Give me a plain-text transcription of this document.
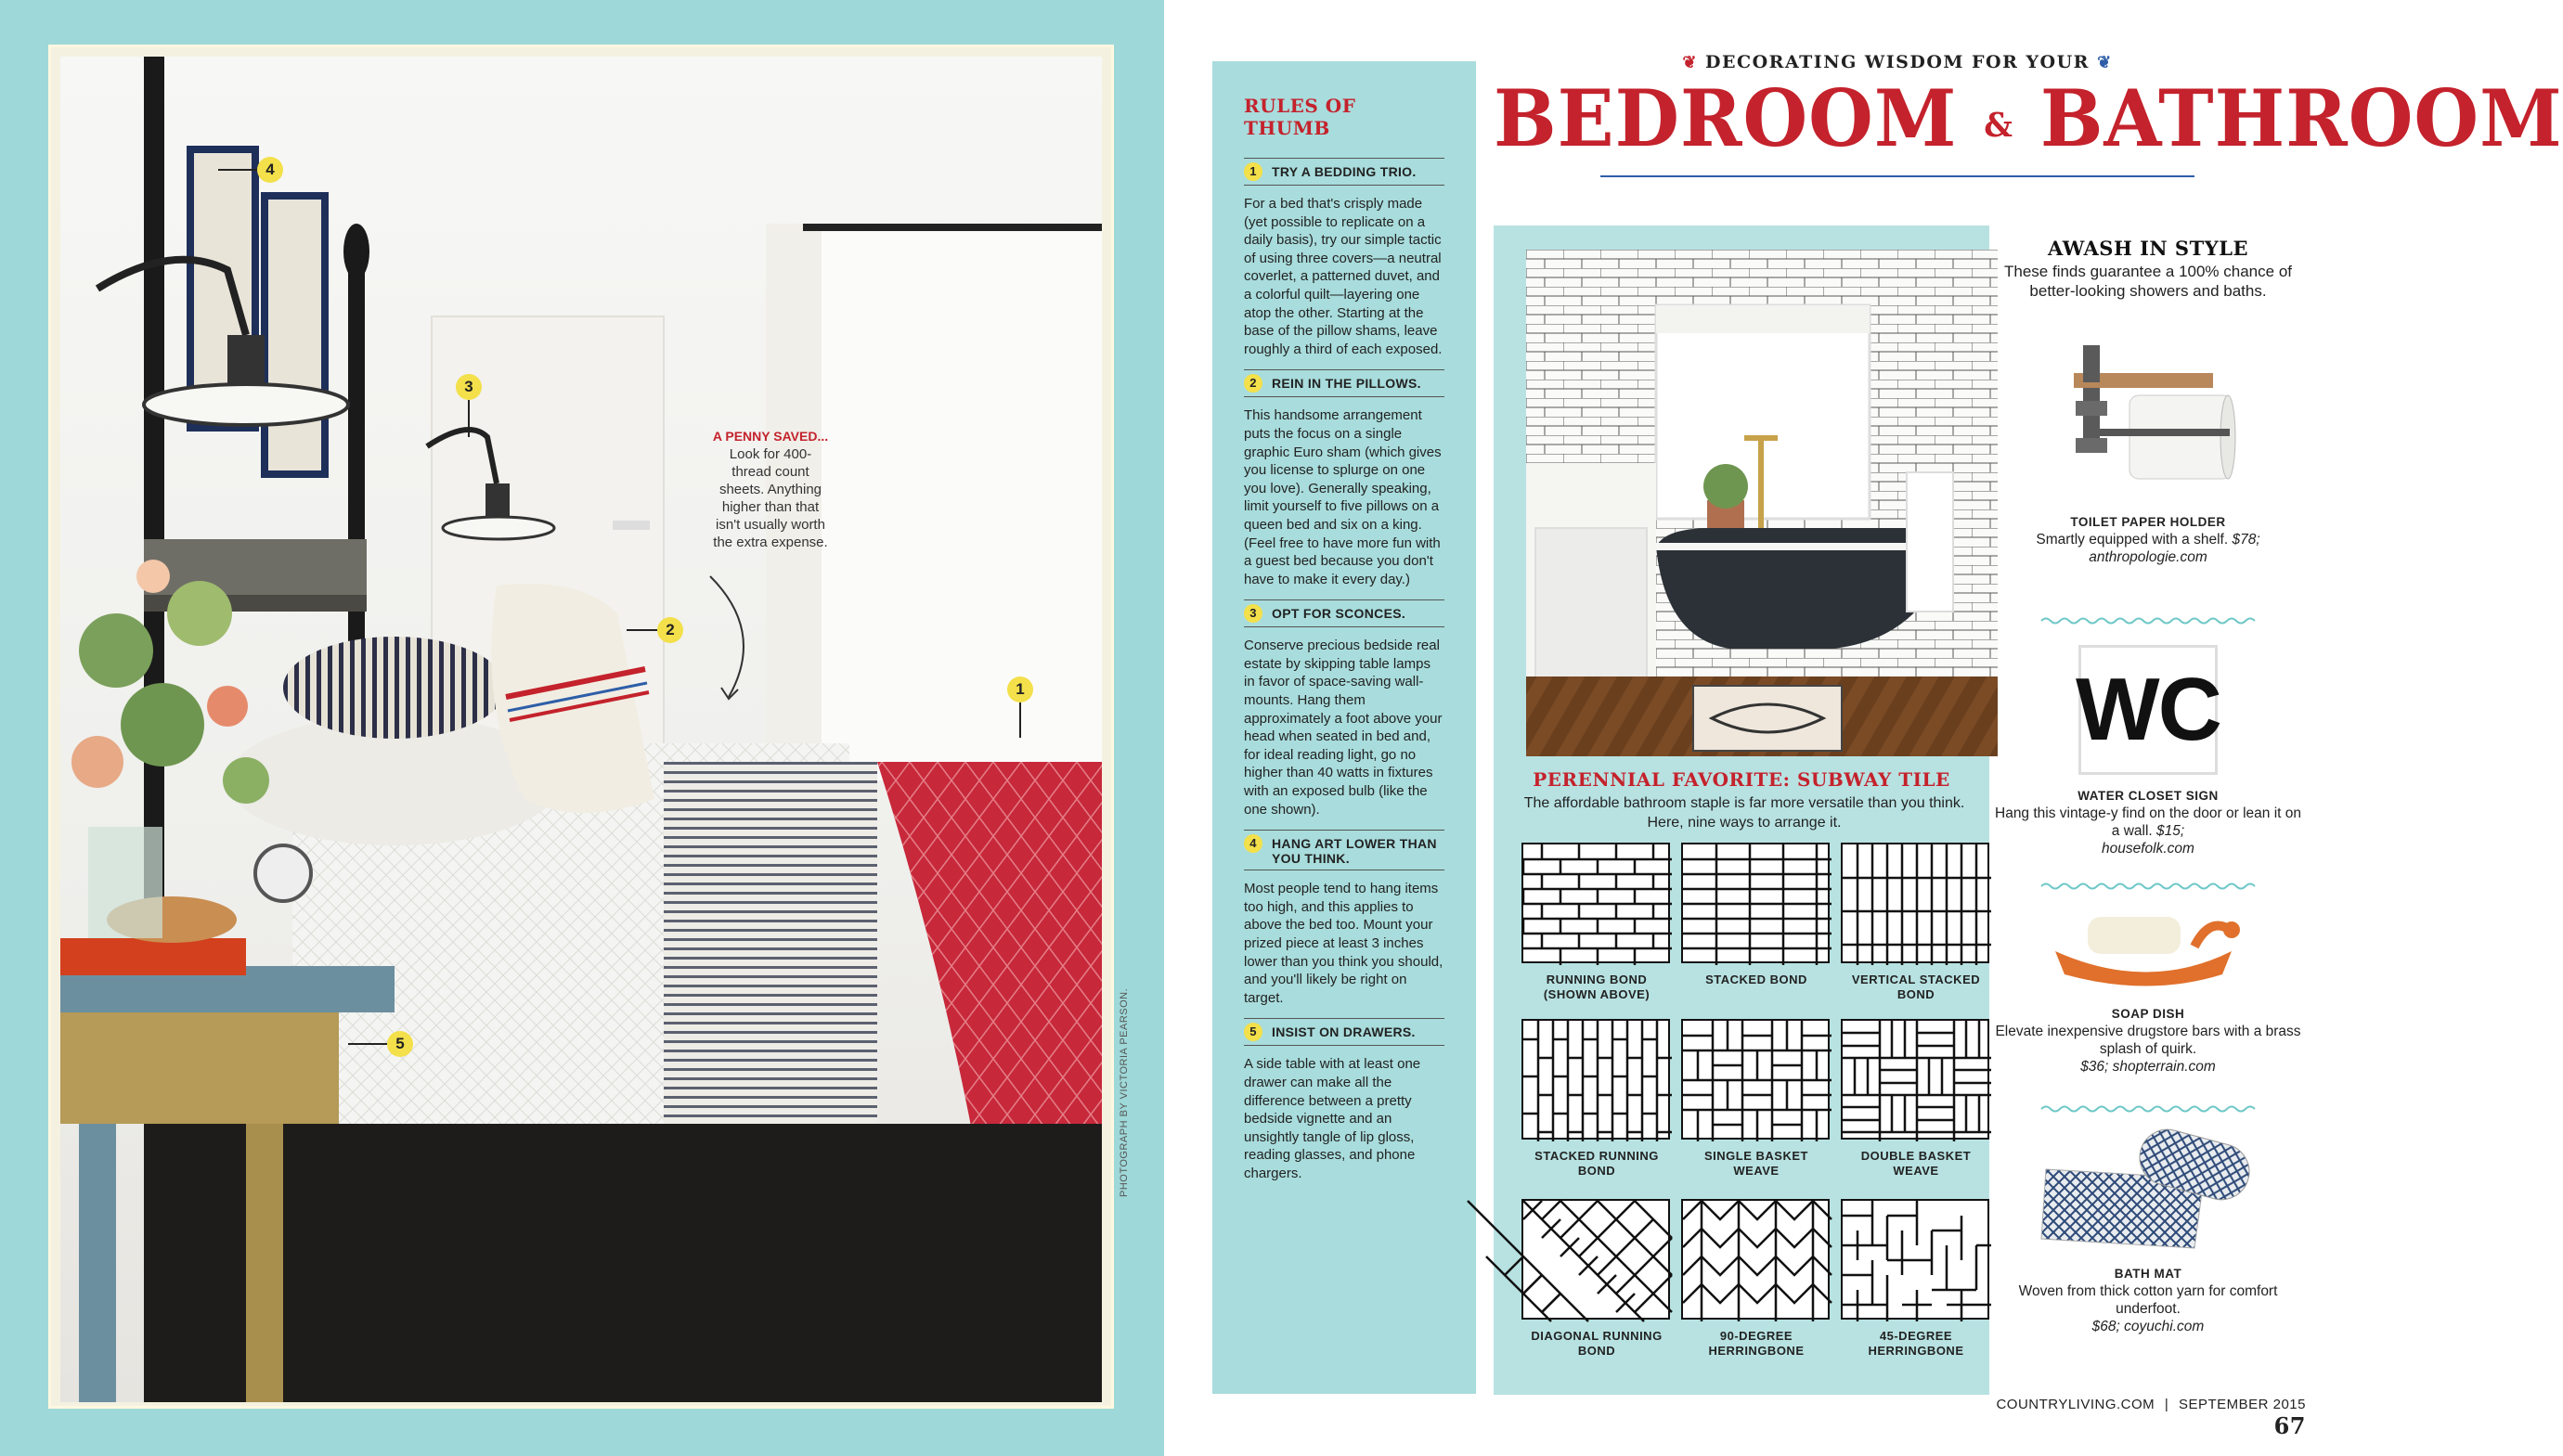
4
3
2
1
5
A PENNY SAVED...
Look for 400-thread count sheets. Anything higher than that isn't usually worth the extra expense.
PHOTOGRAPH BY VICTORIA PEARSON.
RULES OF THUMB
1	TRY A BEDDING TRIO.

For a bed that's crisply made (yet possible to replicate on a daily basis), try our simple tactic of using three covers—a neutral coverlet, a patterned duvet, and a colorful quilt—layering one atop the other. Starting at the base of the pillow shams, leave roughly a third of each exposed.

2	REIN IN THE PILLOWS.

This handsome arrangement puts the focus on a single graphic Euro sham (which gives you license to splurge on one you love). Generally speaking, limit yourself to five pillows on a queen bed and six on a king. (Feel free to have more fun with a guest bed because you don't have to make it every day.)

3	OPT FOR SCONCES.

Conserve precious bedside real estate by skipping table lamps in favor of space-saving wall-mounts. Hang them approximately a foot above your head when seated in bed and, for ideal reading light, go no higher than 40 watts in fixtures with an exposed bulb (like the one shown).

4	HANG ART LOWER THAN YOU THINK.

Most people tend to hang items too high, and this applies to above the bed too. Mount your prized piece at least 3 inches lower than you think you should, and you'll likely be right on target.

5	INSIST ON DRAWERS.

A side table with at least one drawer can make all the difference between a pretty bedside vignette and an unsightly tangle of lip gloss, reading glasses, and phone chargers.

❦ DECORATING WISDOM FOR YOUR ❦
BEDROOM & BATHROOM
PERENNIAL FAVORITE: SUBWAY TILE
The affordable bathroom staple is far more versatile than you think. Here, nine ways to arrange it.
RUNNING BOND (SHOWN ABOVE)
STACKED BOND	VERTICAL STACKED BOND
STACKED RUNNING BOND
SINGLE BASKET WEAVE
DOUBLE BASKET WEAVE
DIAGONAL RUNNING BOND
90-DEGREE HERRINGBONE
45-DEGREE HERRINGBONE
AWASH IN STYLE
These finds guarantee a 100% chance of better-looking showers and baths.
TOILET PAPER HOLDER
Smartly equipped with a shelf. $78;
anthropologie.com
WC
WATER CLOSET SIGN
Hang this vintage-y find on the door or lean it on a wall. $15;
housefolk.com
SOAP DISH
Elevate inexpensive drugstore bars with a brass splash of quirk.
$36; shopterrain.com
BATH MAT
Woven from thick cotton yarn for comfort underfoot.
$68; coyuchi.com
COUNTRYLIVING.COM | SEPTEMBER 2015 67
